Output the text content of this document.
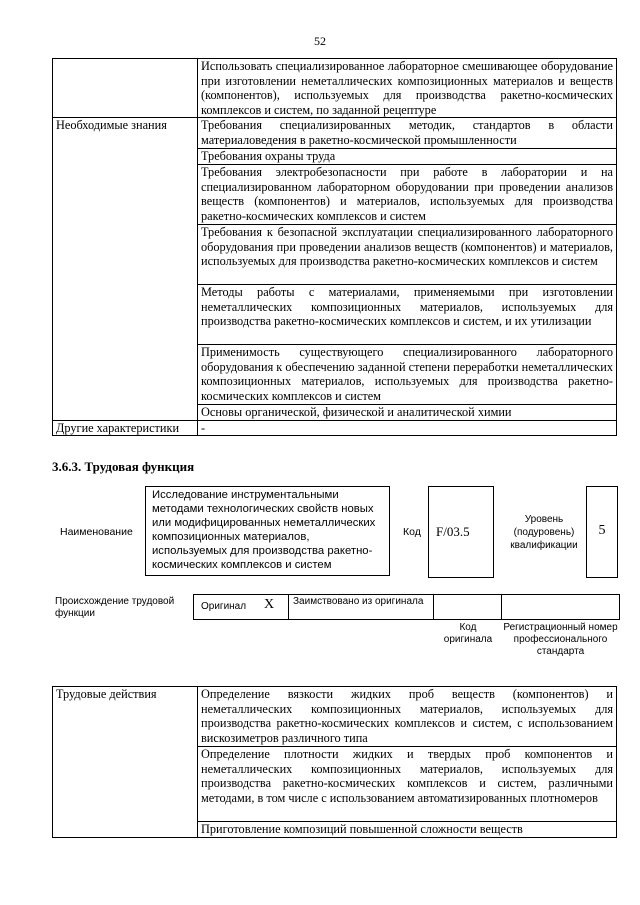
52
	Использовать специализированное лабораторное смешивающее оборудование при изготовлении неметаллических композиционных материалов и веществ (компонентов), используемых для производства ракетно-космических комплексов и систем, по заданной рецептуре
Необходимые знания	Требования специализированных методик, стандартов в области материаловедения в ракетно-космической промышленности
	Требования охраны труда
	Требования электробезопасности при работе в лаборатории и на специализированном лабораторном оборудовании при проведении анализов веществ (компонентов) и материалов, используемых для производства ракетно-космических комплексов и систем
	Требования к безопасной эксплуатации специализированного лабораторного оборудования при проведении анализов веществ (компонентов) и материалов, используемых для производства ракетно-космических комплексов и систем
	Методы работы с материалами, применяемыми при изготовлении неметаллических композиционных материалов, используемых для производства ракетно-космических комплексов и систем, и их утилизации
	Применимость существующего специализированного лабораторного оборудования к обеспечению заданной степени переработки неметаллических композиционных материалов, используемых для производства ракетно-космических комплексов и систем
	Основы органической, физической и аналитической химии
Другие характеристики	-
3.6.3. Трудовая функция
Наименование
Исследование инструментальными методами технологических свойств новых или модифицированных неметаллических композиционных материалов, используемых для производства ракетно-космических комплексов и систем
Код F/03.5
Уровень (подуровень) квалификации
5
Происхождение трудовой функции
Оригинал X Заимствовано из оригинала
Код оригинала
Регистрационный номер профессионального стандарта
Трудовые действия	Определение вязкости жидких проб веществ (компонентов) и неметаллических композиционных материалов, используемых для производства ракетно-космических комплексов и систем, с использованием вискозиметров различного типа
Определение плотности жидких и твердых проб компонентов и неметаллических композиционных материалов, используемых для производства ракетно-космических комплексов и систем, различными методами, в том числе с использованием автоматизированных плотномеров
Приготовление композиций повышенной сложности веществ
